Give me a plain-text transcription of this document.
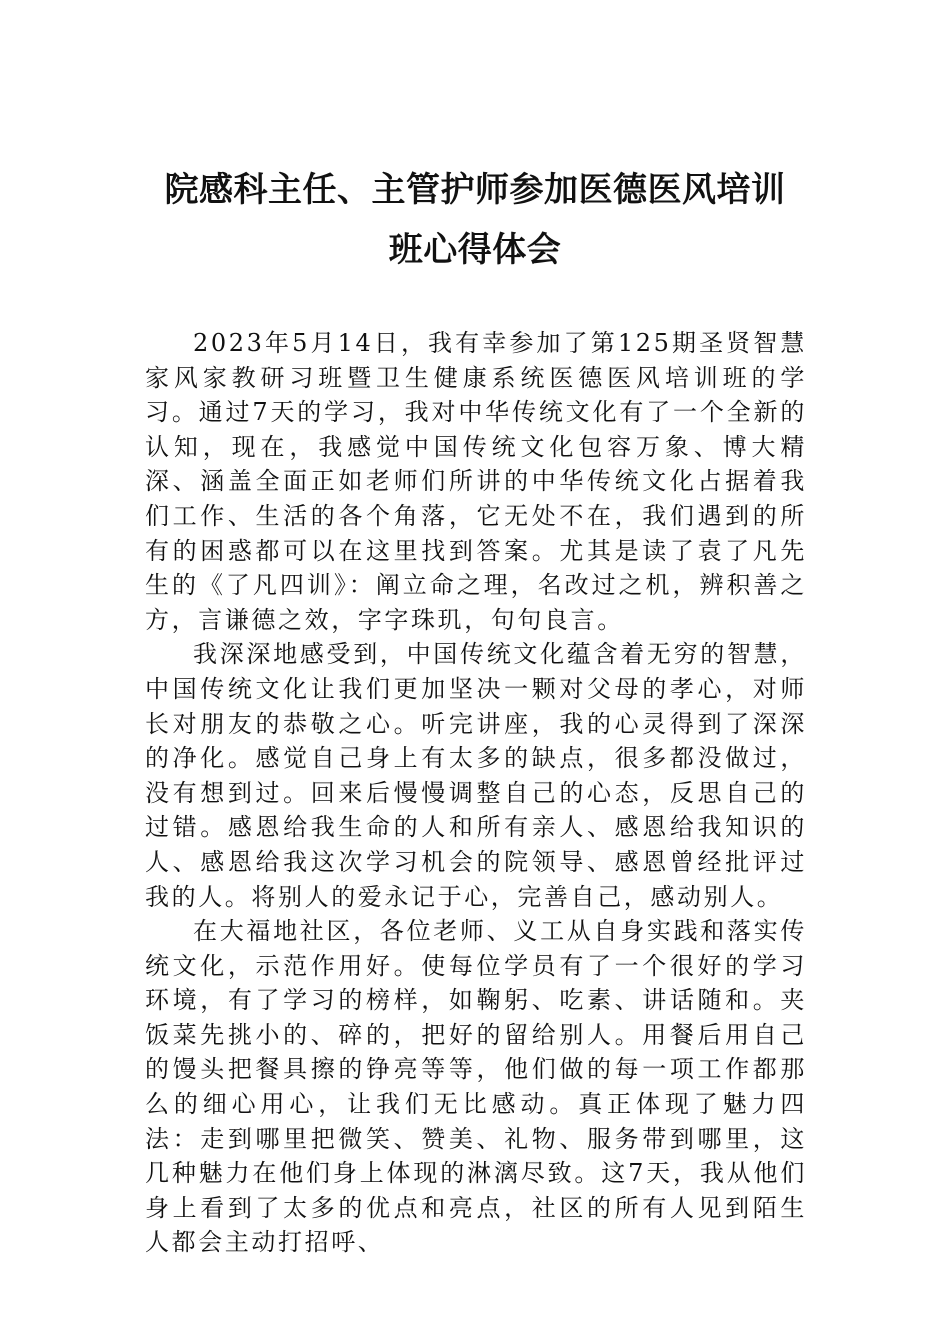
院感科主任、主管护师参加医德医风培训
班心得体会

2023年5月14日，我有幸参加了第125期圣贤智慧家风家教研习班暨卫生健康系统医德医风培训班的学习。通过7天的学习，我对中华传统文化有了一个全新的认知，现在，我感觉中国传统文化包容万象、博大精深、涵盖全面正如老师们所讲的中华传统文化占据着我们工作、生活的各个角落，它无处不在，我们遇到的所有的困惑都可以在这里找到答案。尤其是读了袁了凡先生的《了凡四训》：阐立命之理，名改过之机，辨积善之方，言谦德之效，字字珠玑，句句良言。

我深深地感受到，中国传统文化蕴含着无穷的智慧，中国传统文化让我们更加坚决一颗对父母的孝心，对师长对朋友的恭敬之心。听完讲座，我的心灵得到了深深的净化。感觉自己身上有太多的缺点，很多都没做过，没有想到过。回来后慢慢调整自己的心态，反思自己的过错。感恩给我生命的人和所有亲人、感恩给我知识的人、感恩给我这次学习机会的院领导、感恩曾经批评过我的人。将别人的爱永记于心，完善自己，感动别人。

在大福地社区，各位老师、义工从自身实践和落实传统文化，示范作用好。使每位学员有了一个很好的学习环境，有了学习的榜样，如鞠躬、吃素、讲话随和。夹饭菜先挑小的、碎的，把好的留给别人。用餐后用自己的馒头把餐具擦的铮亮等等，他们做的每一项工作都那么的细心用心，让我们无比感动。真正体现了魅力四法：走到哪里把微笑、赞美、礼物、服务带到哪里，这几种魅力在他们身上体现的淋漓尽致。这7天，我从他们身上看到了太多的优点和亮点，社区的所有人见到陌生人都会主动打招呼、
